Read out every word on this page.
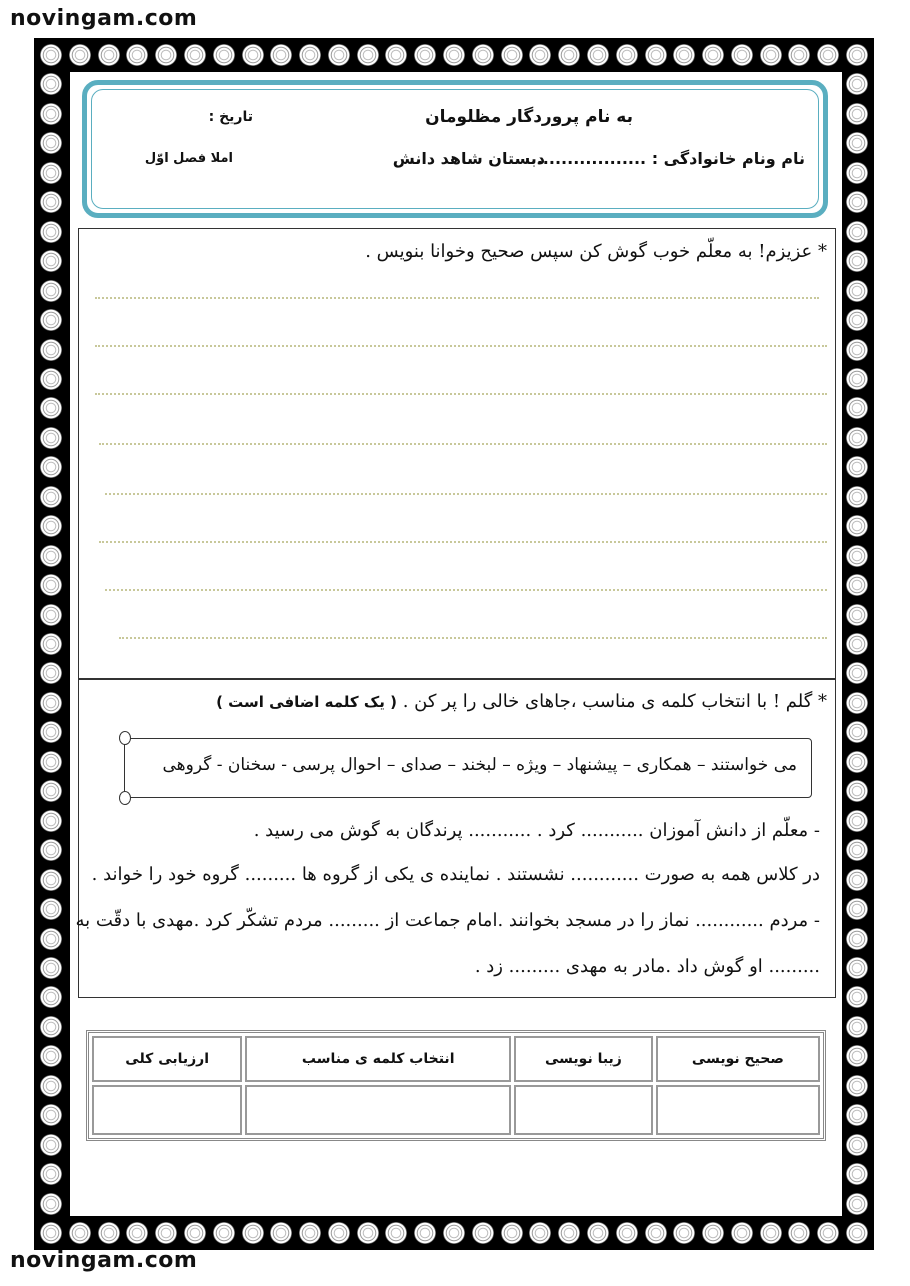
novingam.com
به نام پروردگار مظلومان
تاریخ :
نام ونام خانوادگی : ..................
دبستان شاهد دانش
املا فصل اوّل
* عزیزم! به معلّم خوب گوش کن سپس صحیح وخوانا بنویس .
* گلم ! با انتخاب کلمه ی مناسب ،جاهای خالی را پر کن . ( یک کلمه اضافی است )
می خواستند – همکاری – پیشنهاد – ویژه – لبخند – صدای – احوال پرسی - سخنان - گروهی
- معلّم از دانش آموزان ........... کرد . ........... پرندگان به گوش می رسید .
در کلاس همه به صورت ............ نشستند . نماینده ی یکی از گروه ها ......... گروه خود را خواند .
- مردم ............ نماز را در مسجد بخوانند .امام جماعت از ......... مردم تشکّر کرد .مهدی با دقّت به
......... او گوش داد .مادر به مهدی ......... زد .
صحیح نویسی	زیبا نویسی	انتخاب کلمه ی مناسب	ارزیابی کلی

novingam.com
